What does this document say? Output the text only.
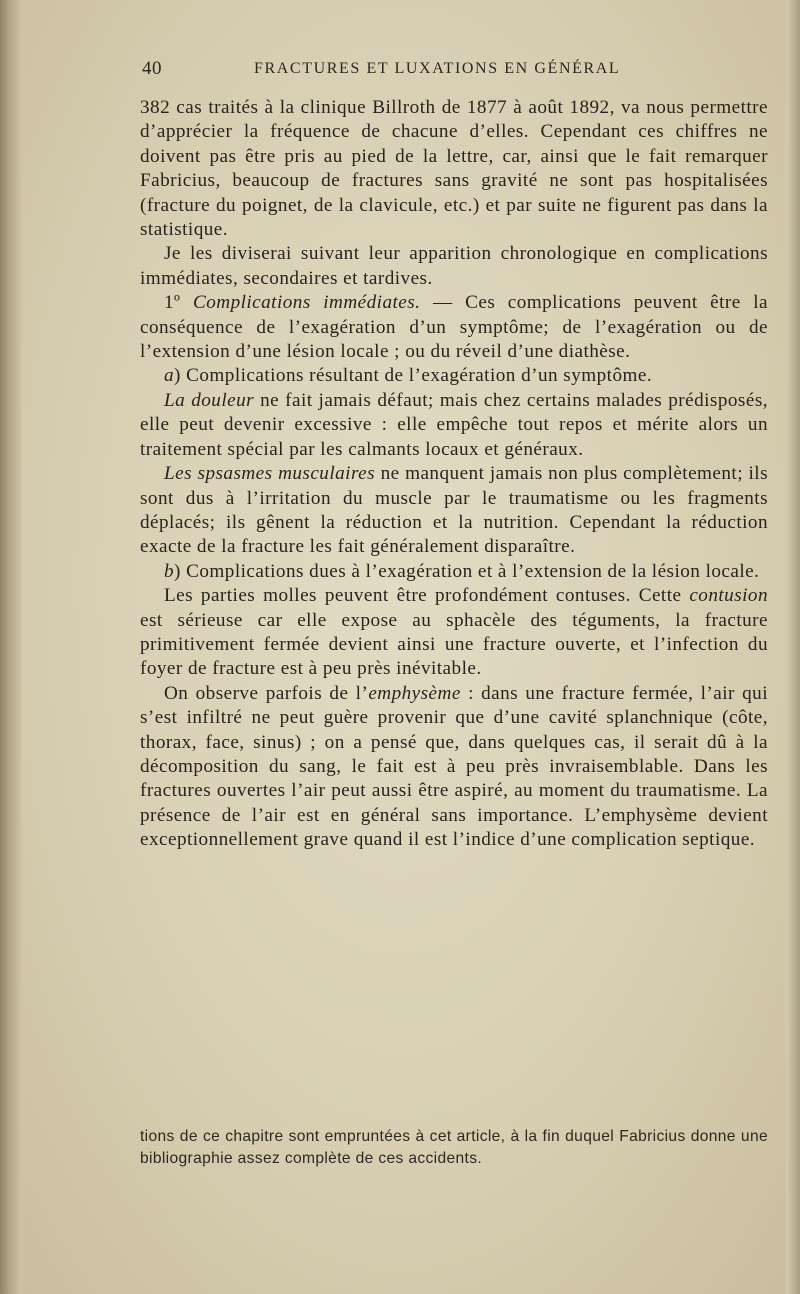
40	FRACTURES ET LUXATIONS EN GÉNÉRAL

382 cas traités à la clinique Billroth de 1877 à août 1892, va nous permettre d’apprécier la fréquence de chacune d’elles. Cependant ces chiffres ne doivent pas être pris au pied de la lettre, car, ainsi que le fait remarquer Fabricius, beaucoup de fractures sans gravité ne sont pas hospitalisées (fracture du poignet, de la clavicule, etc.) et par suite ne figurent pas dans la statistique.

Je les diviserai suivant leur apparition chronologique en complications immédiates, secondaires et tardives.

1º Complications immédiates. — Ces complications peuvent être la conséquence de l’exagération d’un symptôme; de l’exagération ou de l’extension d’une lésion locale ; ou du réveil d’une diathèse.

a) Complications résultant de l’exagération d’un symptôme.

La douleur ne fait jamais défaut; mais chez certains malades prédisposés, elle peut devenir excessive : elle empêche tout repos et mérite alors un traitement spécial par les calmants locaux et généraux.

Les spsasmes musculaires ne manquent jamais non plus complètement; ils sont dus à l’irritation du muscle par le traumatisme ou les fragments déplacés; ils gênent la réduction et la nutrition. Cependant la réduction exacte de la fracture les fait généralement disparaître.

b) Complications dues à l’exagération et à l’extension de la lésion locale.

Les parties molles peuvent être profondément contuses. Cette contusion est sérieuse car elle expose au sphacèle des téguments, la fracture primitivement fermée devient ainsi une fracture ouverte, et l’infection du foyer de fracture est à peu près inévitable.

On observe parfois de l’emphysème : dans une fracture fermée, l’air qui s’est infiltré ne peut guère provenir que d’une cavité splanchnique (côte, thorax, face, sinus) ; on a pensé que, dans quelques cas, il serait dû à la décomposition du sang, le fait est à peu près invraisemblable. Dans les fractures ouvertes l’air peut aussi être aspiré, au moment du traumatisme. La présence de l’air est en général sans importance. L’emphysème devient exceptionnellement grave quand il est l’indice d’une complication septique.

tions de ce chapitre sont empruntées à cet article, à la fin duquel Fabricius donne une bibliographie assez complète de ces accidents.
